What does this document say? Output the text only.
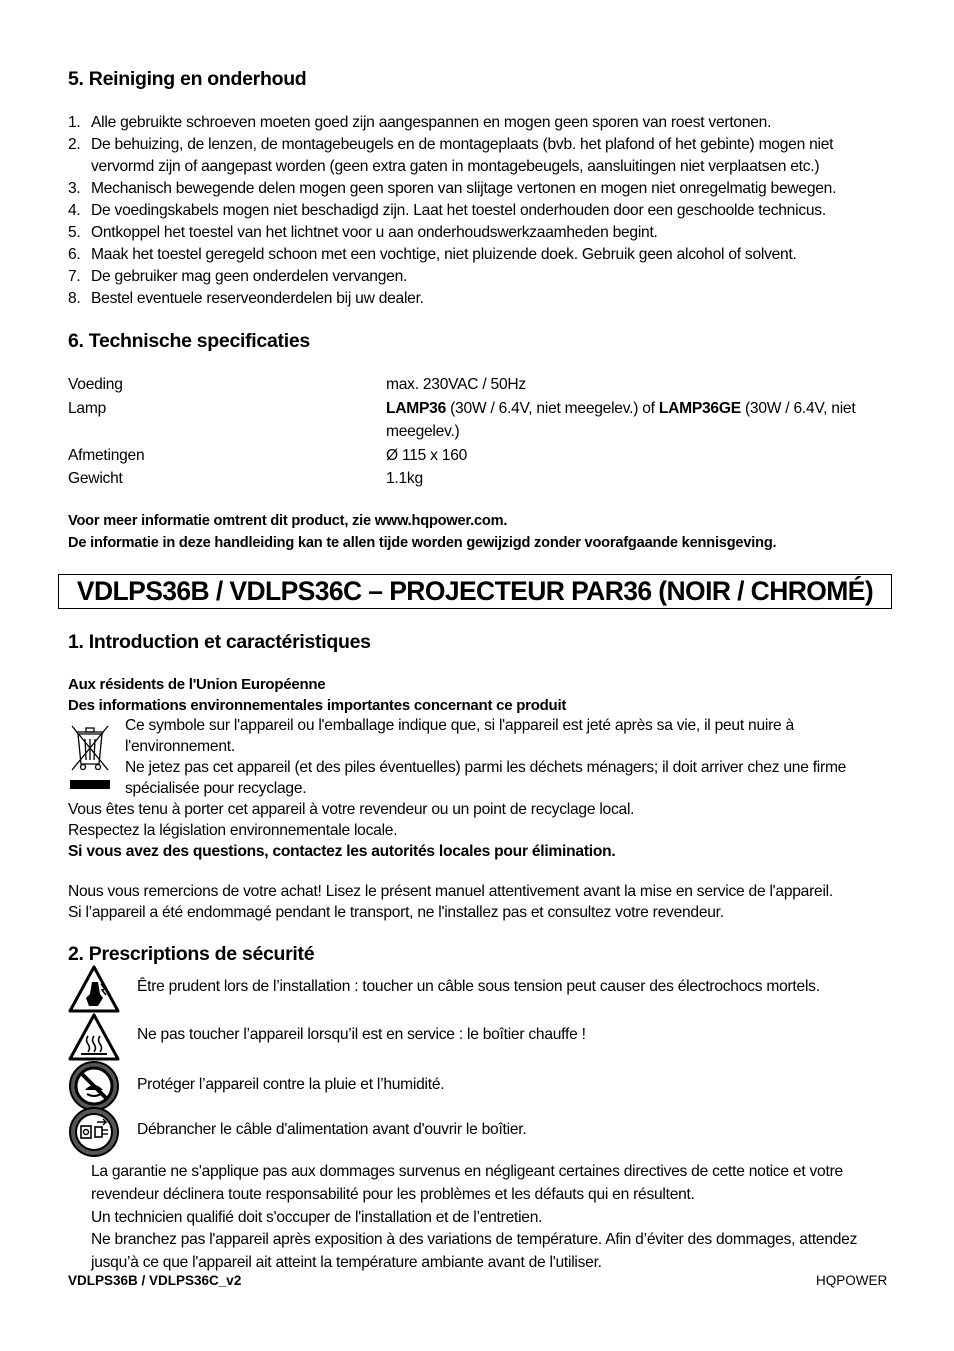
5. Reiniging en onderhoud
1. Alle gebruikte schroeven moeten goed zijn aangespannen en mogen geen sporen van roest vertonen.
2. De behuizing, de lenzen, de montagebeugels en de montageplaats (bvb. het plafond of het gebinte) mogen niet vervormd zijn of aangepast worden (geen extra gaten in montagebeugels, aansluitingen niet verplaatsen etc.)
3. Mechanisch bewegende delen mogen geen sporen van slijtage vertonen en mogen niet onregelmatig bewegen.
4. De voedingskabels mogen niet beschadigd zijn. Laat het toestel onderhouden door een geschoolde technicus.
5. Ontkoppel het toestel van het lichtnet voor u aan onderhoudswerkzaamheden begint.
6. Maak het toestel geregeld schoon met een vochtige, niet pluizende doek. Gebruik geen alcohol of solvent.
7. De gebruiker mag geen onderdelen vervangen.
8. Bestel eventuele reserveonderdelen bij uw dealer.
6. Technische specificaties
Voeding	max. 230VAC / 50Hz
Lamp	LAMP36 (30W / 6.4V, niet meegelev.) of LAMP36GE (30W / 6.4V, niet meegelev.)
Afmetingen	Ø 115 x 160
Gewicht	1.1kg
Voor meer informatie omtrent dit product, zie www.hqpower.com.
De informatie in deze handleiding kan te allen tijde worden gewijzigd zonder voorafgaande kennisgeving.
VDLPS36B / VDLPS36C – PROJECTEUR PAR36 (NOIR / CHROMÉ)
1. Introduction et caractéristiques
Aux résidents de l'Union Européenne
Des informations environnementales importantes concernant ce produit
Ce symbole sur l'appareil ou l'emballage indique que, si l'appareil est jeté après sa vie, il peut nuire à l'environnement.
Ne jetez pas cet appareil (et des piles éventuelles) parmi les déchets ménagers; il doit arriver chez une firme spécialisée pour recyclage.
Vous êtes tenu à porter cet appareil à votre revendeur ou un point de recyclage local.
Respectez la législation environnementale locale.
Si vous avez des questions, contactez les autorités locales pour élimination.
Nous vous remercions de votre achat! Lisez le présent manuel attentivement avant la mise en service de l'appareil.
Si l’appareil a été endommagé pendant le transport, ne l'installez pas et consultez votre revendeur.
2. Prescriptions de sécurité
Être prudent lors de l’installation : toucher un câble sous tension peut causer des électrochocs mortels.
Ne pas toucher l’appareil lorsqu’il est en service : le boîtier chauffe !
Protéger l’appareil contre la pluie et l’humidité.
Débrancher le câble d'alimentation avant d'ouvrir le boîtier.
La garantie ne s'applique pas aux dommages survenus en négligeant certaines directives de cette notice et votre revendeur déclinera toute responsabilité pour les problèmes et les défauts qui en résultent.
Un technicien qualifié doit s'occuper de l'installation et de l’entretien.
Ne branchez pas l'appareil après exposition à des variations de température. Afin d’éviter des dommages, attendez jusqu’à ce que l'appareil ait atteint la température ambiante avant de l'utiliser.
VDLPS36B / VDLPS36C_v2	HQPOWER
